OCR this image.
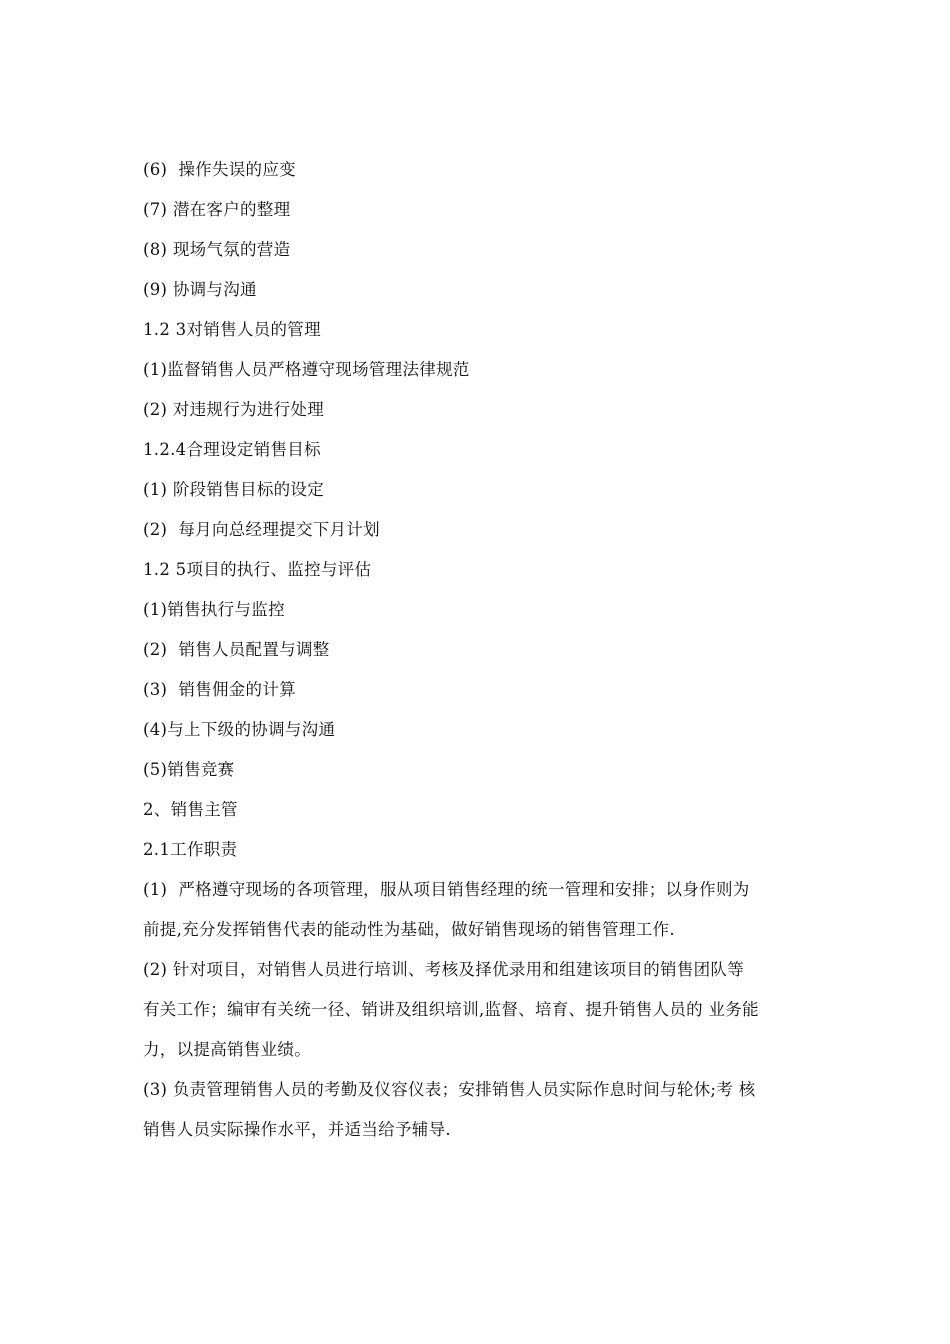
(6)  操作失误的应变
(7) 潜在客户的整理
(8) 现场气氛的营造
(9) 协调与沟通
1.2 3对销售人员的管理
(1)监督销售人员严格遵守现场管理法律规范
(2) 对违规行为进行处理
1.2.4合理设定销售目标
(1) 阶段销售目标的设定
(2)  每月向总经理提交下月计划
1.2 5项目的执行、监控与评估
(1)销售执行与监控
(2)  销售人员配置与调整
(3)  销售佣金的计算
(4)与上下级的协调与沟通
(5)销售竞赛
2、销售主管
2.1工作职责

(1)  严格遵守现场的各项管理，服从项目销售经理的统一管理和安排；以身作则为

前提,充分发挥销售代表的能动性为基础，做好销售现场的销售管理工作.

(2) 针对项目，对销售人员进行培训、考核及择优录用和组建该项目的销售团队等

有关工作；编审有关统一径、销讲及组织培训,监督、培育、提升销售人员的 业务能

力，以提高销售业绩。

(3) 负责管理销售人员的考勤及仪容仪表；安排销售人员实际作息时间与轮休;考 核

销售人员实际操作水平，并适当给予辅导.
